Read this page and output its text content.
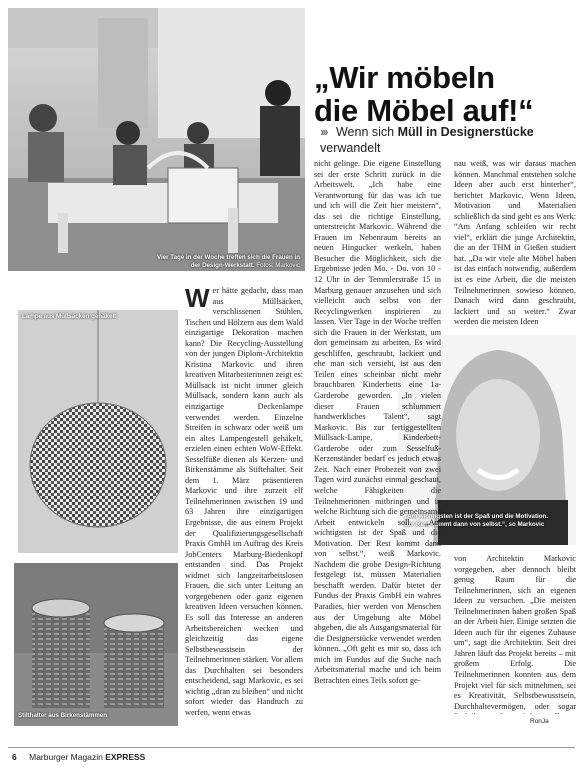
Vier Tage in der Woche treffen sich die Frauen in der Design-Werkstatt. Fotos: Markovic
„Wir möbeln
die Möbel auf!“
››› Wenn sich Müll in Designerstücke
verwandelt
Lampe aus Müllsäcken gehäkelt
Stilthalter aus Birkenstämmen
„Am wichtigsten ist der Spaß und die Motivation. Der Rest kommt dann von selbst.“, so Markovic

Wer hätte gedacht, dass man aus Müllsäcken, verschlissenen Stühlen, Tischen und Hölzern aus dem Wald einzigartige Dekoration machen kann? Die Recycling-Ausstellung von der jungen Diplom-Architektin Kristina Markovic und ihren kreativen Mitarbeiterinnen zeigt es: Müllsack ist nicht immer gleich Müllsack, sondern kann auch als einzigartige Deckenlampe verwendet werden. Einzelne Streifen in schwarz oder weiß um ein altes Lampengestell gehäkelt, erzielen einen echten WoW-Effekt. Sesselfüße dienen als Kerzen- und Birkenstämme als Stiftehalter. Seit dem 1. März präsentieren Markovic und ihre zurzeit elf Teilnehmerinnen zwischen 19 und 63 Jahren ihre einzigartigen Ergebnisse, die aus einem Projekt der Qualifizierungsgesellschaft Praxis GmbH im Auftrag des Kreis JobCenters Marburg-Biedenkopf entstanden sind. Das Projekt widmet sich langzeitarbeitslosen Frauen, die sich unter Leitung an vorgegebenen oder ganz eigenen kreativen Ideen versuchen können. Es soll das Interesse an anderen Arbeitsbereichen wecken und gleichzeitig das eigene Selbstbewusstsein der Teilnehmerinnen stärken. Vor allem das Durchhalten sei besonders entscheidend, sagt Markovic, es sei wichtig „dran zu bleiben“ und nicht sofort wieder das Handtuch zu werfen, wenn etwas

nicht gelinge. Die eigene Einstellung sei der erste Schritt zurück in die Arbeitswelt. „Ich habe eine Verantwortung für das was ich tue und ich will die Zeit hier meistern“, das sei die richtige Einstellung, unterstreicht Markovic. Während die Frauen im Nebenraum bereits an neuen Hingucker werkeln, haben Besucher die Möglichkeit, sich die Ergebnisse jeden Mo. - Do. von 10 - 12 Uhr in der Temmlerstraße 15 in Marburg genauer anzusehen und sich vielleicht auch selbst von der Recyclingwerken inspirieren zu lassen. Vier Tage in der Woche treffen sich die Frauen in der Werkstatt, um dort gemeinsam zu arbeiten. Es wird geschliffen, geschraubt, lackiert und ehe man sich versieht, ist aus den Teilen eines scheinbar nicht mehr brauchbaren Kinderbetts eine 1a-Garderobe geworden. „In vielen dieser Frauen schlummert handwerkliches Talent“, sagt Markovic. Bis zur fertiggestellten Müllsack-Lampe, Kinderbett-Garderobe oder zum Sesselfuß-Kerzenständer bedarf es jedoch etwas Zeit. Nach einer Probezeit von zwei Tagen wird zunächst einmal geschaut, welche Fähigkeiten die Teilnehmerinnen mitbringen und in welche Richtung sich die gemeinsame Arbeit entwickeln soll. „Am wichtigsten ist der Spaß und die Motivation. Der Rest kommt dann von selbst.“, weiß Markovic. Nachdem die grobe Design-Richtung festgelegt ist, müssen Materialien beschafft werden. Dafür bietet der Fundus der Praxis GmbH ein wahres Paradies, hier werden von Menschen aus der Umgebung alte Möbel abgeben, die als Ausgangsmaterial für die Designerstücke verwendet werden können. „Oft geht es mir so, dass ich mich im Fundus auf die Suche nach Arbeitsmaterial mache und ich beim Betrachten eines Teils sofort ge-

nau weiß, was wir daraus machen können. Manchmal entstehen solche Ideen aber auch erst hinterher“, berichtet Markovic. Wenn Ideen, Motivation und Materialien schließlich da sind geht es ans Werk: “Am Anfang schleifen wir recht viel“, erklärt die junge Architektin, die an der THM in Gießen studiert hat. „Da wir viele alte Möbel haben ist das einfach notwendig, außerdem ist es eine Arbeit, die die meisten Teilnehmerinnen sowieso können. Danach wird dann geschraubt, lackiert und so weiter.“ Zwar werden die meisten Ideen

von Architektin Markovic vorgegeben, aber dennoch bleibt genug Raum für die Teilnehmerinnen, sich an eigenen Ideen zu versuchen. „Die meisten Teilnehmerinnen haben großen Spaß an der Arbeit hier. Einige setzten die Ideen auch für ihr eigenes Zuhause um“, sagt die Architektin. Seit drei Jahren läuft das Projekt bereits – mit großem Erfolg. Die Teilnehmerinnen konnten aus dem Projekt viel für sich mitnehmen, sei es Kreativität, Selbstbewusstsein, Durchhaltevermögen, oder sogar

RonJa
6 Marburger Magazin EXPRESS
